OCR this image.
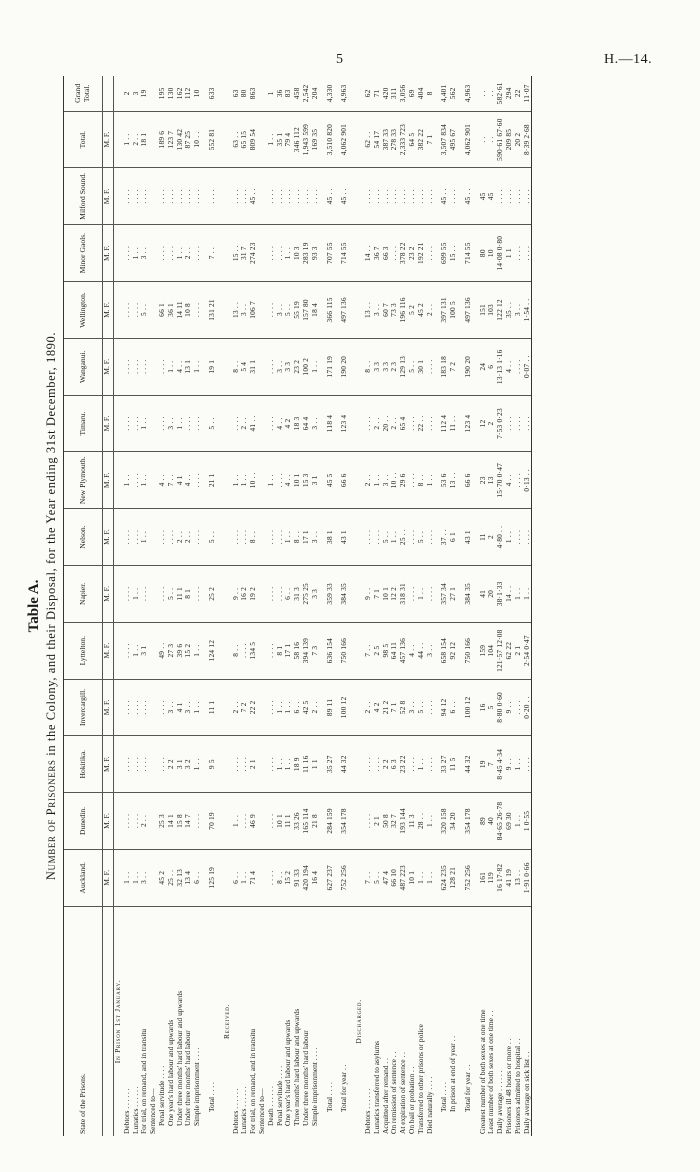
5	H.—14.
Table A.
Number of Prisoners in the Colony, and their Disposal, for the Year ending 31st December, 1890.
State of the Prisons.	Auckland.	Dunedin.	Hokitika.	Invercargill.	Lyttelton.	Napier.	Nelson.	New Plymouth.	Timaru.	Wanganui.	Wellington.	Minor Gaols.	Milford Sound.	Total.	Grand Total.
	M. F.	M. F.	M. F.	M. F.	M. F.	M. F.	M. F.	M. F.	M. F.	M. F.	M. F.	M. F.	M. F.	M. F.	
In Prison 1st January.															
Debtors . . . . . .	1 . .	. . . .	. . . .	. . . .	. . . .	. . . .	. . . .	1 . .	. . . .	. . . .	. . . .	. . . .	. . . .	1 . .	2
Lunatics . . . . . .	1 . .	. . . .	. . . .	. . . .	1 . .	1 . .	. . . .	. . . .	. . . .	. . . .	. . . .	1 . .	. . . .	2 . .	3
For trial, on remand, and in transitu	3 . .	2 . .	. . . .	. . . .	3 1	. . . .	1 . .	1 . .	1 . .	. . . .	5 . .	3 . .	. . . .	18 1	19
Sentenced to—															
Penal servitude . . . .	45 2	25 3	. . . .	. . . .	49 . .	. . . .	. . . .	4 . .	. . . .	. . . .	66 1	. . . .	. . . .	189 6	195
One year's hard labour and upwards	25 . .	14 1	2 2	3 . .	27 3	5 . .	. . . .	7 . .	3 . .	1 . .	36 1	. . . .	. . . .	123 7	130
Under three months' hard labour and upwards	32 13	15 8	3 1	4 1	39 6	11 1	2 . .	4 1	1 . .	4 . .	14 11	1 . .	. . . .	130 42	162
Under three months' hard labour	13 4	14 7	3 2	3 . .	15 2	8 1	2 . .	4 . .	. . . .	13 1	10 8	2 . .	. . . .	87 25	112
Simple imprisonment . . . .	6 . .	. . . .	1 . .	1 . .	1 . .	. . . .	. . . .	. . . .	. . . .	1 . .	. . . .	. . . .	. . . .	10 . .	10

Total . . . .	125 19	70 19	9 5	11 1	124 12	25 2	5 . .	21 1	5 . .	19 1	131 21	7 . .	. . . .	552 81	633

Received.															
Debtors . . . . . .	6 . .	1 . .	. . . .	2 . .	8 . .	9 . .	. . . .	1 . .	. . . .	8 . .	13 . .	15 . .	. . . .	63 . .	63
Lunatics . . . . . .	1 . .	. . . .	. . . .	7 2	. . . .	16 2	. . . .	1 . .	2 . .	5 4	3 . .	31 7	. . . .	65 15	80
For trial, on remand, and in transitu	71 4	46 9	2 1	22 2	134 5	19 2	8 . .	10 . .	41 . .	31 1	106 7	274 23	45 . .	809 54	863
Sentenced to—															
Death . . . . . .	. . . .	. . . .	. . . .	. . . .	. . . .	. . . .	. . . .	1 . .	. . . .	. . . .	. . . .	. . . .	. . . .	1 . .	1
Penal servitude . . . .	8 . .	10 1	1 . .	1 . .	8 1	. . . .	. . . .	. . . .	4 . .	3 . .	3 . .	. . . .	. . . .	35 1	36
One year's hard labour and upwards	15 2	11 1	1 . .	1 . .	17 1	6 . .	1 . .	4 . .	4 2	3 3	5 . .	1 . .	. . . .	79 4	83
Three months' hard labour and upwards	91 33	33 26	18 9	6 . .	58 16	31 3	8 . .	10 1	18 3	23 2	55 19	10 3	. . . .	346 112	458
Under three months' hard labour	420 194	165 114	11 16	42 5	394 139	275 25	17 1	15 3	64 4	100 2	157 80	283 19	. . . .	1,943 599	2,542
Simple imprisonment . . . .	16 4	21 8	1 1	2 . .	7 3	3 3	3 . .	3 1	3 . .	1 . .	18 4	93 3	. . . .	169 35	204

Total . . . .	627 237	284 159	35 27	89 11	636 154	359 33	38 1	45 5	118 4	171 19	366 115	707 55	45 . .	3,510 820	4,330

Total for year . .	752 256	354 178	44 32	100 12	750 166	384 35	43 1	66 6	123 4	190 20	497 136	714 55	45 . .	4,062 901	4,963

Discharged.															
Debtors . . . . . .	7 . .	. . . .	. . . .	2 . .	7 . .	9 . .	. . . .	2 . .	. . . .	8 . .	13 . .	14 . .	. . . .	62 . .	62
Lunatics transferred to asylums	5 . .	2 1	. . . .	4 2	2 5	7 1	. . . .	1 . .	2 . .	3 3	3 . .	36 7	. . . .	54 17	71
Acquitted after remand . .	47 4	50 8	2 2	21 2	98 5	10 1	5 . .	3 . .	20 . .	3 3	60 7	66 3	. . . .	387 33	420
On remission of sentence . .	66 10	32 7	6 3	7 1	64 11	12 2	1 . .	10 . .	2 . .	2 3	73 3	. . . .	. . . .	278 33	311
At expiration of sentence . .	487 223	193 144	23 22	52 8	457 136	318 31	25 . .	29 6	65 4	129 13	196 116	378 22	. . . .	2,333 723	3,056
On bail or probation . .	10 1	11 3	. . . .	3 . .	4 . .	. . . .	. . . .	. . . .	. . . .	5 . .	5 2	23 2	. . . .	64 5	69
Transferred to other prisons or police	1 . .	28 . .	1 . .	5 . .	44 . .	1 . .	5 . .	8 . .	22 . .	30 1	45 2	192 21	. . . .	382 22	404
Died naturally . . . .	1 . .	1 . .	. . . .	. . . .	3 . .	. . . .	. . . .	1 . .	. . . .	. . . .	2 . .	. . . .	. . . .	7 1	8

Total . . . .	624 235	320 158	33 27	94 12	658 154	357 34	37 . .	53 6	112 4	183 18	397 131	699 55	45 . .	3,507 834	4,401
In prison at end of year . .	128 21	34 20	11 5	6 . .	92 12	27 1	6 1	13 . .	11 . .	7 2	100 5	15 . .	. . . .	495 67	562

Total for year . .	752 256	354 178	44 32	100 12	750 166	384 35	43 1	66 6	123 4	190 20	497 136	714 55	45 . .	4,062 901	4,963

Greatest number of both sexes at one time	161	89	19	16	159	41	11	23	12	24	151	80	45	. .	. .
Least number of both sexes at one time . .	119	40	7	5	104	20	2	13	2	6	103	10	45	. .	. .
Daily average . . . . . .	16 17·82	84·65 26·78	8·45 4·34	8·80 0·60	121·57 12·08	38·1·33	4·80 . .	15·70 0·47	7·53 0·23	13·13 1·16	122 12	14·08 0·80	. . . .	590·61 67·60	582·61
Prisoners ill 48 hours or more . .	41 19	69 30	9 . .	9 . .	62 22	14 . .	1 . .	4 . .	. . . .	4 . .	35 . .	1 1	. . . .	209 85	294
Prisoners admitted to hospital . .	13 . .	1 . .	1 . .	. . . .	2 1	1 . .	. . . .	. . . .	. . . .	. . . .	3 . .	. . . .	. . . .	20 2	22
Daily average on sick list . .	1·91 0·66	1 0·55	. . . .	0·20 . .	2·54 0·47	1 . .	. . . .	0·13 . .	. . . .	0·07 . .	1·54 . .	. . . .	. . . .	8·39 2·68	11·07
